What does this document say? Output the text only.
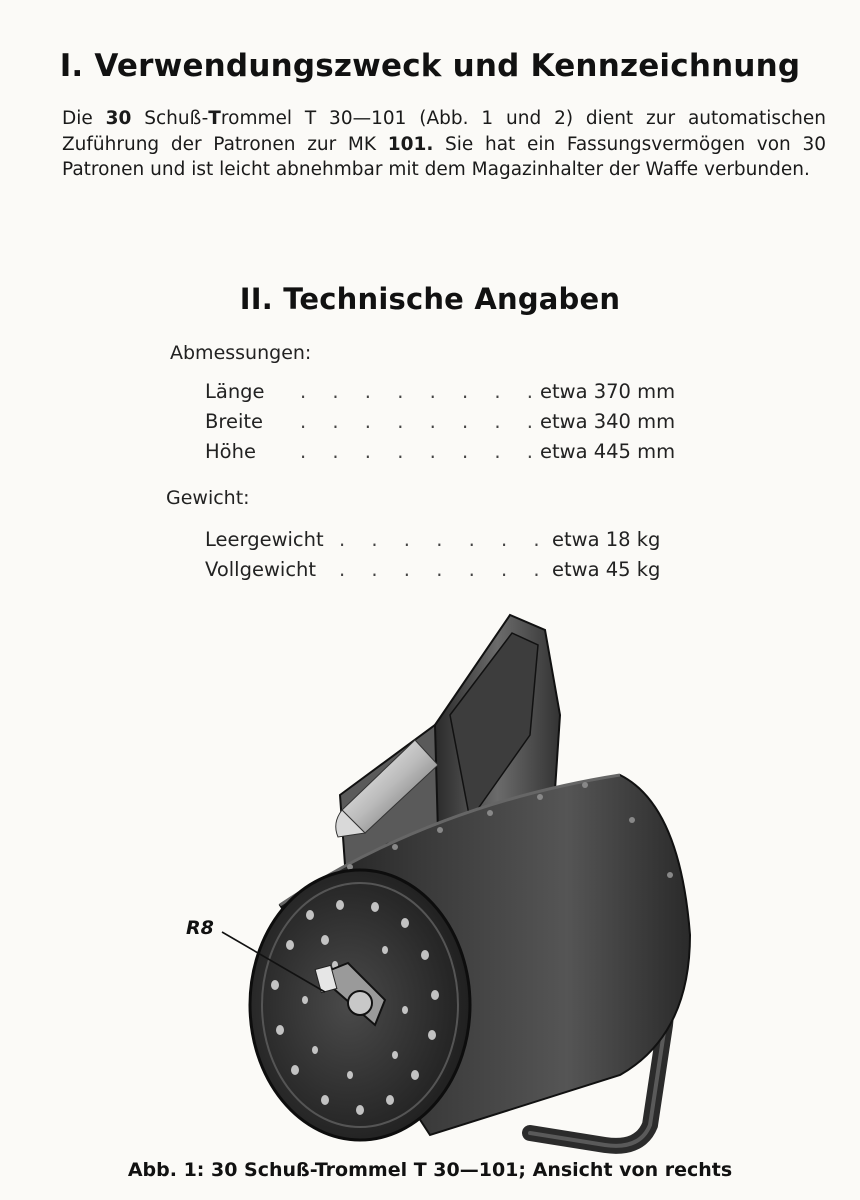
I. Verwendungszweck und Kennzeichnung

Die 30 Schuß-Trommel T 30—101 (Abb. 1 und 2) dient zur automatischen Zuführung der Patronen zur MK 101. Sie hat ein Fassungsvermögen von 30 Patronen und ist leicht abnehmbar mit dem Magazinhalter der Waffe verbunden.

II. Technische Angaben
Abmessungen:
Länge . . . . . . . . .
etwa 370 mm
Breite . . . . . . . . .
etwa 340 mm
Höhe . . . . . . . . .
etwa 445 mm
Gewicht:
Leergewicht . . . . . . . .
etwa 18 kg
Vollgewicht . . . . . . . .
etwa 45 kg
R8

Abb. 1: 30 Schuß-Trommel T 30—101; Ansicht von rechts
